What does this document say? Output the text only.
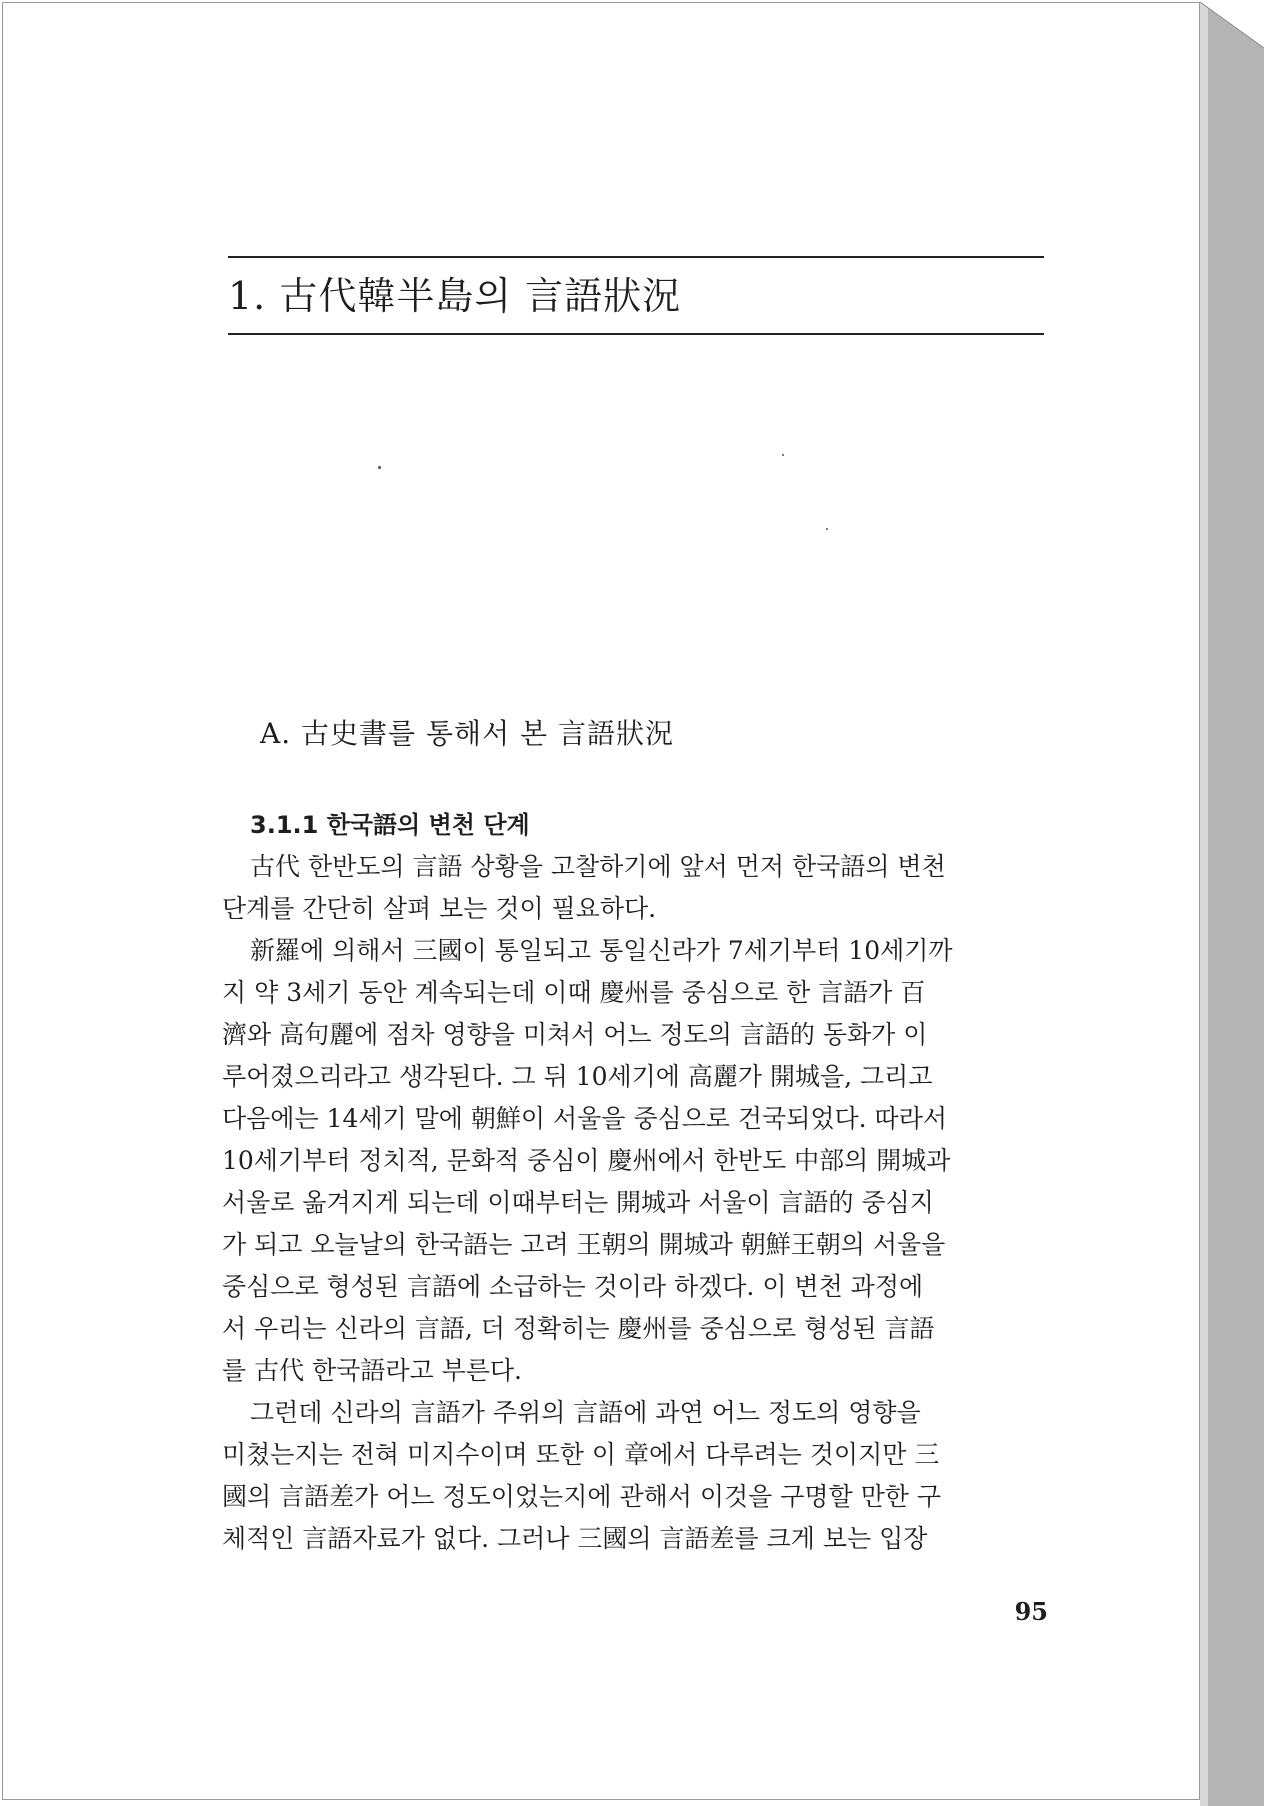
1. 古代韓半島의 言語狀況
A. 古史書를 통해서 본 言語狀況
3.1.1 한국語의 변천 단계
古代 한반도의 言語 상황을 고찰하기에 앞서 먼저 한국語의 변천
단계를 간단히 살펴 보는 것이 필요하다.
新羅에 의해서 三國이 통일되고 통일신라가 7세기부터 10세기까
지 약 3세기 동안 계속되는데 이때 慶州를 중심으로 한 言語가 百
濟와 高句麗에 점차 영향을 미쳐서 어느 정도의 言語的 동화가 이
루어졌으리라고 생각된다. 그 뒤 10세기에 高麗가 開城을, 그리고
다음에는 14세기 말에 朝鮮이 서울을 중심으로 건국되었다. 따라서
10세기부터 정치적, 문화적 중심이 慶州에서 한반도 中部의 開城과
서울로 옮겨지게 되는데 이때부터는 開城과 서울이 言語的 중심지
가 되고 오늘날의 한국語는 고려 王朝의 開城과 朝鮮王朝의 서울을
중심으로 형성된 言語에 소급하는 것이라 하겠다. 이 변천 과정에
서 우리는 신라의 言語, 더 정확히는 慶州를 중심으로 형성된 言語
를 古代 한국語라고 부른다.
그런데 신라의 言語가 주위의 言語에 과연 어느 정도의 영향을
미쳤는지는 전혀 미지수이며 또한 이 章에서 다루려는 것이지만 三
國의 言語差가 어느 정도이었는지에 관해서 이것을 구명할 만한 구
체적인 言語자료가 없다. 그러나 三國의 言語差를 크게 보는 입장
95
